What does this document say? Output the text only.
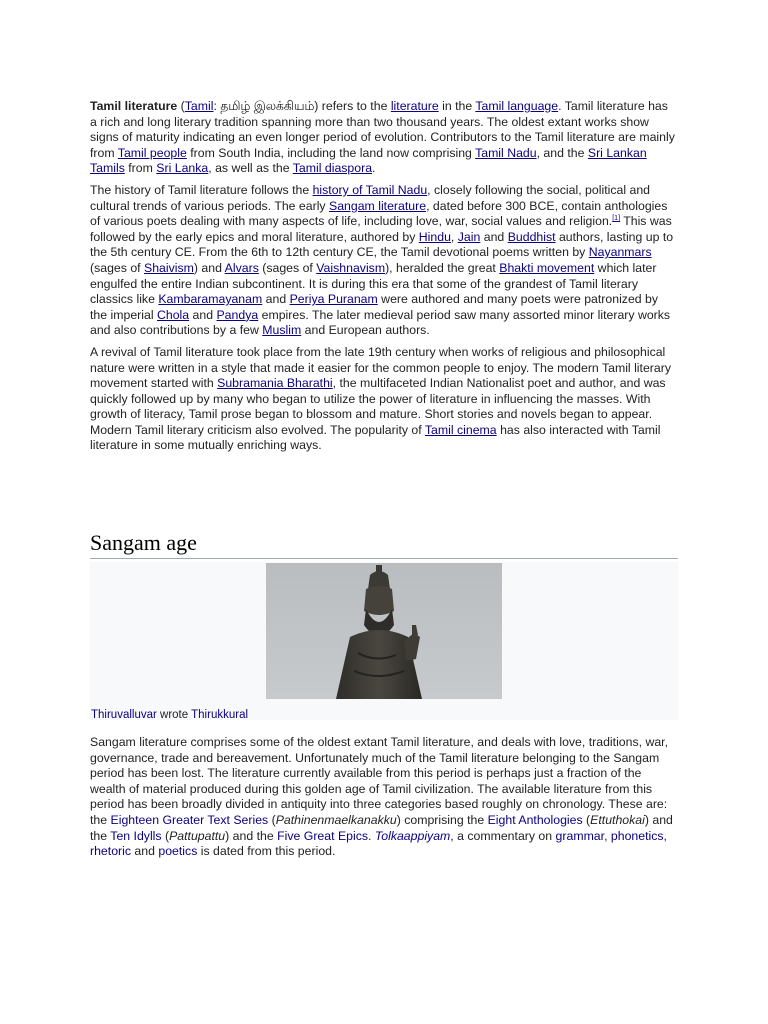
Tamil literature (Tamil: தமிழ் இலக்கியம்) refers to the literature in the Tamil language. Tamil literature has a rich and long literary tradition spanning more than two thousand years. The oldest extant works show signs of maturity indicating an even longer period of evolution. Contributors to the Tamil literature are mainly from Tamil people from South India, including the land now comprising Tamil Nadu, and the Sri Lankan Tamils from Sri Lanka, as well as the Tamil diaspora.

The history of Tamil literature follows the history of Tamil Nadu, closely following the social, political and cultural trends of various periods. The early Sangam literature, dated before 300 BCE, contain anthologies of various poets dealing with many aspects of life, including love, war, social values and religion.[1] This was followed by the early epics and moral literature, authored by Hindu, Jain and Buddhist authors, lasting up to the 5th century CE. From the 6th to 12th century CE, the Tamil devotional poems written by Nayanmars (sages of Shaivism) and Alvars (sages of Vaishnavism), heralded the great Bhakti movement which later engulfed the entire Indian subcontinent. It is during this era that some of the grandest of Tamil literary classics like Kambaramayanam and Periya Puranam were authored and many poets were patronized by the imperial Chola and Pandya empires. The later medieval period saw many assorted minor literary works and also contributions by a few Muslim and European authors.

A revival of Tamil literature took place from the late 19th century when works of religious and philosophical nature were written in a style that made it easier for the common people to enjoy. The modern Tamil literary movement started with Subramania Bharathi, the multifaceted Indian Nationalist poet and author, and was quickly followed up by many who began to utilize the power of literature in influencing the masses. With growth of literacy, Tamil prose began to blossom and mature. Short stories and novels began to appear. Modern Tamil literary criticism also evolved. The popularity of Tamil cinema has also interacted with Tamil literature in some mutually enriching ways.

Sangam age
Thiruvalluvar wrote Thirukkural

Sangam literature comprises some of the oldest extant Tamil literature, and deals with love, traditions, war, governance, trade and bereavement. Unfortunately much of the Tamil literature belonging to the Sangam period has been lost. The literature currently available from this period is perhaps just a fraction of the wealth of material produced during this golden age of Tamil civilization. The available literature from this period has been broadly divided in antiquity into three categories based roughly on chronology. These are: the Eighteen Greater Text Series (Pathinenmaelkanakku) comprising the Eight Anthologies (Ettuthokai) and the Ten Idylls (Pattupattu) and the Five Great Epics. Tolkaappiyam, a commentary on grammar, phonetics, rhetoric and poetics is dated from this period.
